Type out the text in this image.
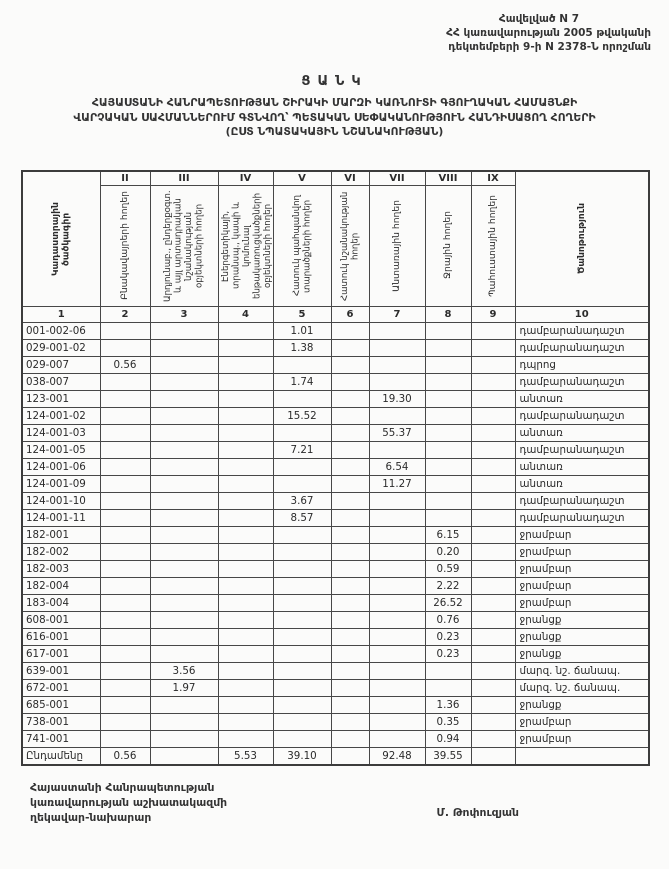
Հավելված N 7
ՀՀ կառավարության 2005 թվականի
դեկտեմբերի 9-ի N 2378-Ն որոշման
ՑԱՆԿ
ՀԱՅԱՍՏԱՆԻ ՀԱՆՐԱՊԵՏՈՒԹՅԱՆ ՇԻՐԱԿԻ ՄԱՐԶԻ ԿԱՌՆՈՒՏԻ ԳՅՈՒՂԱԿԱՆ ՀԱՄԱՅՆՔԻ
ՎԱՐՉԱԿԱՆ ՍԱՀՄԱՆՆԵՐՈՒՄ ԳՏՆՎՈՂ՝ ՊԵՏԱԿԱՆ ՍԵՓԱԿԱՆՈՒԹՅՈՒՆ ՀԱՆԴԻՍԱՑՈՂ ՀՈՂԵՐԻ
(ԸՍՏ ՆՊԱՏԱԿԱՅԻՆ ՆՇԱՆԱԿՈՒԹՅԱՆ)
Կադաստրային ծածկագիր	II	III	IV	V	VI	VII	VIII	IX	Ծանոթություն

	Բնակավայրերի հողեր	Արդյունաբ., ընդերքօգտ. և այլ արտադրական նշանակության օբյեկտների հողեր	Էներգետիկայի, տրանսպ., կապի և կոմունալ ենթակառուցվածքների օբյեկտների հողեր	Հատուկ պահպանվող տարածքների հողեր	Հատուկ նշանակության հողեր	Անտառային հողեր	Ջրային հողեր	Պահուստային հողեր	

1	2	3	4	5	6	7	8	9	10
001-002-06				1.01					դամբարանադաշտ
029-001-02				1.38					դամբարանադաշտ
029-007	0.56								դպրոց
038-007				1.74					դամբարանադաշտ
123-001						19.30			անտառ
124-001-02				15.52					դամբարանադաշտ
124-001-03						55.37			անտառ
124-001-05				7.21					դամբարանադաշտ
124-001-06						6.54			անտառ
124-001-09						11.27			անտառ
124-001-10				3.67					դամբարանադաշտ
124-001-11				8.57					դամբարանադաշտ
182-001							6.15		ջրամբար
182-002							0.20		ջրամբար
182-003							0.59		ջրամբար
182-004							2.22		ջրամբար
183-004							26.52		ջրամբար
608-001							0.76		ջրանցք
616-001							0.23		ջրանցք
617-001							0.23		ջրանցք
639-001		3.56							մարզ. նշ. ճանապ.
672-001		1.97							մարզ. նշ. ճանապ.
685-001							1.36		ջրանցք
738-001							0.35		ջրամբար
741-001							0.94		ջրամբար
Ընդամենը	0.56		5.53	39.10		92.48	39.55		
Հայաստանի Հանրապետության
կառավարության աշխատակազմի
ղեկավար-նախարար	Մ. Թոփուզյան
